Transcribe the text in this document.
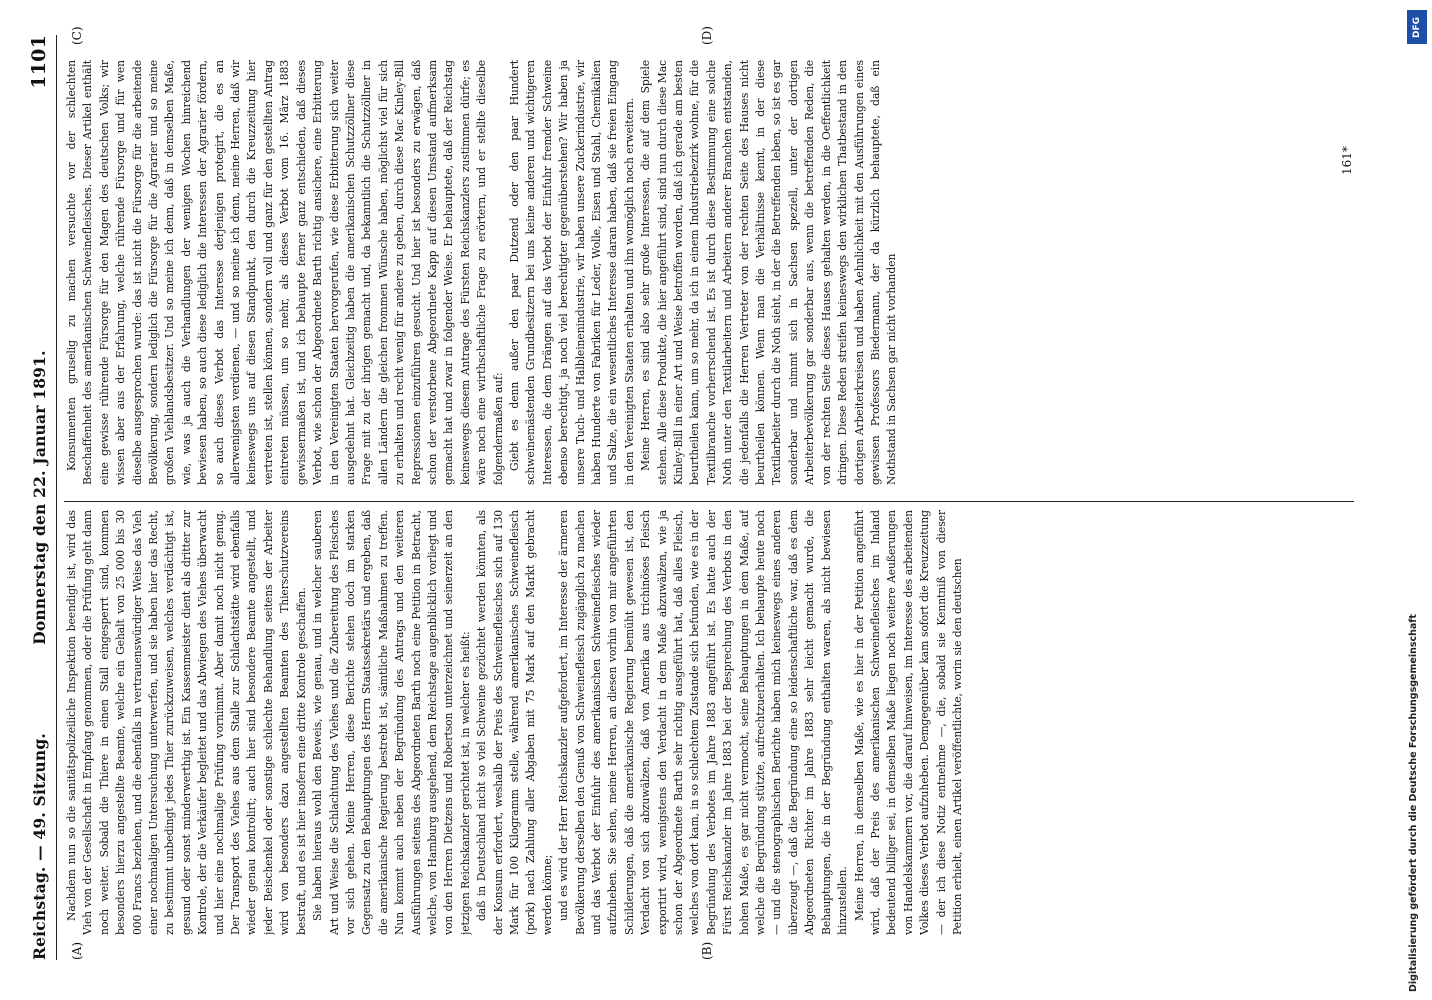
Reichstag. — 49. Sitzung.
Donnerstag den 22. Januar 1891.
1101
(A)	(B)
(C)	(D)

Nachdem nun so die sanitätspolizeiliche Inspektion beendigt ist, wird das Vieh von der Gesellschaft in Empfang genommen, oder die Prüfung geht dann noch weiter. Sobald die Thiere in einen Stall eingesperrt sind, kommen besonders hierzu angestellte Beamte, welche ein Gehalt von 25 000 bis 30 000 Francs beziehen, und die ebenfalls in vertrauenswürdiger Weise das Vieh einer nochmaligen Untersuchung unterwerfen, und sie haben hier das Recht, zu bestimmt unbedingt jedes Thier zurückzuweisen, welches verdächtigt ist, gesund oder sonst minderwerthig ist. Ein Kassenmeister dient als dritter zur Kontrole, der die Verkäufer begleitet und das Abwiegen des Viehes überwacht und hier eine nochmalige Prüfung vornimmt. Aber damit noch nicht genug. Der Transport des Viehes aus dem Stalle zur Schlachtstätte wird ebenfalls wieder genau kontrolirt; auch hier sind besondere Beamte angestellt, und jeder Beischenkel oder sonstige schlechte Behandlung seitens der Arbeiter wird von besonders dazu angestellten Beamten des Thierschutzvereins bestraft, und es ist hier insofern eine dritte Kontrole geschaffen. Sie haben hieraus wohl den Beweis, wie genau, und in welcher sauberen Art und Weise die Schlachtung des Viehes und die Zubereitung des Fleisches vor sich gehen. Meine Herren, diese Berichte stehen doch im starken Gegensatz zu den Behauptungen des Herrn Staatssekretärs und ergeben, daß die amerikanische Regierung bestrebt ist, sämtliche Maßnahmen zu treffen. Nun kommt auch neben der Begründung des Antrags und den weiteren Ausführungen seitens des Abgeordneten Barth noch eine Petition in Betracht, welche, von Hamburg ausgehend, dem Reichstage augenblicklich vorliegt und von den Herren Dietzens und Robertson unterzeichnet und seinerzeit an den jetzigen Reichskanzler gerichtet ist, in welcher es heißt: daß in Deutschland nicht so viel Schweine gezüchtet werden könnten, als der Konsum erfordert, weshalb der Preis des Schweinefleisches sich auf 130 Mark für 100 Kilogramm stelle, während amerikanisches Schweinefleisch (pork) nach Zahlung aller Abgaben mit 75 Mark auf den Markt gebracht werden könne; und es wird der Herr Reichskanzler aufgefordert, im Interesse der ärmeren Bevölkerung derselben den Genuß von Schweinefleisch zugänglich zu machen und das Verbot der Einfuhr des amerikanischen Schweinefleisches wieder aufzuheben. Sie sehen, meine Herren, an diesen vorhin von mir angeführten Schilderungen, daß die amerikanische Regierung bemüht gewesen ist, den Verdacht von sich abzuwälzen, daß von Amerika aus trichinöses Fleisch exportirt wird, wenigstens den Verdacht in dem Maße abzuwälzen, wie ja schon der Abgeordnete Barth sehr richtig ausgeführt hat, daß alles Fleisch, welches von dort kam, in so schlechtem Zustande sich befunden, wie es in der Begründung des Verbotes im Jahre 1883 angeführt ist. Es hatte auch der Fürst Reichskanzler im Jahre 1883 bei der Besprechung des Verbots in den hohen Maße, es gar nicht vermocht, seine Behauptungen in dem Maße, auf welche die Begründung stützte, aufrechtzuerhalten. Ich behaupte heute noch — und die stenographischen Berichte haben mich keineswegs eines anderen überzeugt —, daß die Begründung eine so leidenschaftliche war, daß es dem Abgeordneten Richter im Jahre 1883 sehr leicht gemacht wurde, die Behauptungen, die in der Begründung enthalten waren, als nicht bewiesen hinzustellen. Meine Herren, in demselben Maße, wie es hier in der Petition angeführt wird, daß der Preis des amerikanischen Schweinefleisches im Inland bedeutend billiger sei, in demselben Maße liegen noch weitere Aeußerungen von Handelskammern vor, die darauf hinweisen, im Interesse des arbeitenden Volkes dieses Verbot aufzuheben. Demgegenüber kam sofort die Kreuzzeitung — der ich diese Notiz entnehme —, die, sobald sie Kenntniß von dieser Petition erhielt, einen Artikel veröffentlichte, worin sie den deutschen

Konsumenten gruselig zu machen versuchte vor der schlechten Beschaffenheit des amerikanischen Schweinefleisches. Dieser Artikel enthält eine gewisse rührende Fürsorge für den Magen des deutschen Volks; wir wissen aber aus der Erfahrung, welche rührende Fürsorge und für wen dieselbe ausgesprochen wurde: das ist nicht die Fürsorge für die arbeitende Bevölkerung, sondern lediglich die Fürsorge für die Agrarier und so meine großen Viehlandsbesitzer. Und so meine ich denn, daß in demselben Maße, wie, was ja auch die Verhandlungen der wenigen Wochen hinreichend bewiesen haben, so auch diese lediglich die Interessen der Agrarier fördern, so auch dieses Verbot das Interesse derjenigen protegirt, die es an allerwenigsten verdienen, — und so meine ich denn, meine Herren, daß wir keineswegs uns auf diesen Standpunkt, den durch die Kreuzzeitung hier vertreten ist, stellen können, sondern voll und ganz für den gestellten Antrag eintreten müssen, um so mehr, als dieses Verbot vom 16. März 1883 gewissermaßen ist, und ich behaupte ferner ganz entschieden, daß dieses Verbot, wie schon der Abgeordnete Barth richtig ansichere, eine Erbitterung in den Vereinigten Staaten hervorgerufen, wie diese Erbitterung sich weiter ausgedehnt hat. Gleichzeitig haben die amerikanischen Schutzzöllner diese Frage mit zu der ihrigen gemacht und, da bekanntlich die Schutzzöllner in allen Ländern die gleichen frommen Wünsche haben, möglichst viel für sich zu erhalten und recht wenig für andere zu geben, durch diese Mac Kinley-Bill Repressionen einzuführen gesucht. Und hier ist besonders zu erwägen, daß schon der verstorbene Abgeordnete Kapp auf diesen Umstand aufmerksam gemacht hat und zwar in folgender Weise. Er behauptete, daß der Reichstag keineswegs diesem Antrage des Fürsten Reichskanzlers zustimmen dürfe; es wäre noch eine wirthschaftliche Frage zu erörtern, und er stellte dieselbe folgendermaßen auf: Giebt es denn außer den paar Dutzend oder den paar Hundert schweinemästenden Grundbesitzern bei uns keine anderen und wichtigeren Interessen, die dem Drängen auf das Verbot der Einfuhr fremder Schweine ebenso berechtigt, ja noch viel berechtigter gegenüberstehen? Wir haben ja unsere Tuch- und Halbleinenindustrie, wir haben unsere Zuckerindustrie, wir haben Hunderte von Fabriken für Leder, Wolle, Eisen und Stahl, Chemikalien und Salze, die ein wesentliches Interesse daran haben, daß sie freien Eingang in den Vereinigten Staaten erhalten und ihn womöglich noch erweitern. Meine Herren, es sind also sehr große Interessen, die auf dem Spiele stehen. Alle diese Produkte, die hier angeführt sind, sind nun durch diese Mac Kinley-Bill in einer Art und Weise betroffen worden, daß ich gerade am besten beurtheilen kann, um so mehr, da ich in einem Industriebezirk wohne, für die Textilbranche vorherrschend ist. Es ist durch diese Bestimmung eine solche Noth unter den Textilarbeitern und Arbeitern anderer Branchen entstanden, die jedenfalls die Herren Vertreter von der rechten Seite des Hauses nicht beurtheilen können. Wenn man die Verhältnisse kennt, in der diese Textilarbeiter durch die Noth sieht, in der die Betreffenden leben, so ist es gar sonderbar und nimmt sich in Sachsen speziell, unter der dortigen Arbeiterbevölkerung gar sonderbar aus, wenn die betreffenden Reden, die von der rechten Seite dieses Hauses gehalten werden, in die Oeffentlichkeit dringen. Diese Reden streifen keineswegs den wirklichen Thatbestand in den dortigen Arbeiterkreisen und haben Aehnlichkeit mit den Ausführungen eines gewissen Professors Biedermann, der da kürzlich behauptete, daß ein Nothstand in Sachsen gar nicht vorhanden

161*
DFG
Digitalisierung gefördert durch die Deutsche Forschungsgemeinschaft
